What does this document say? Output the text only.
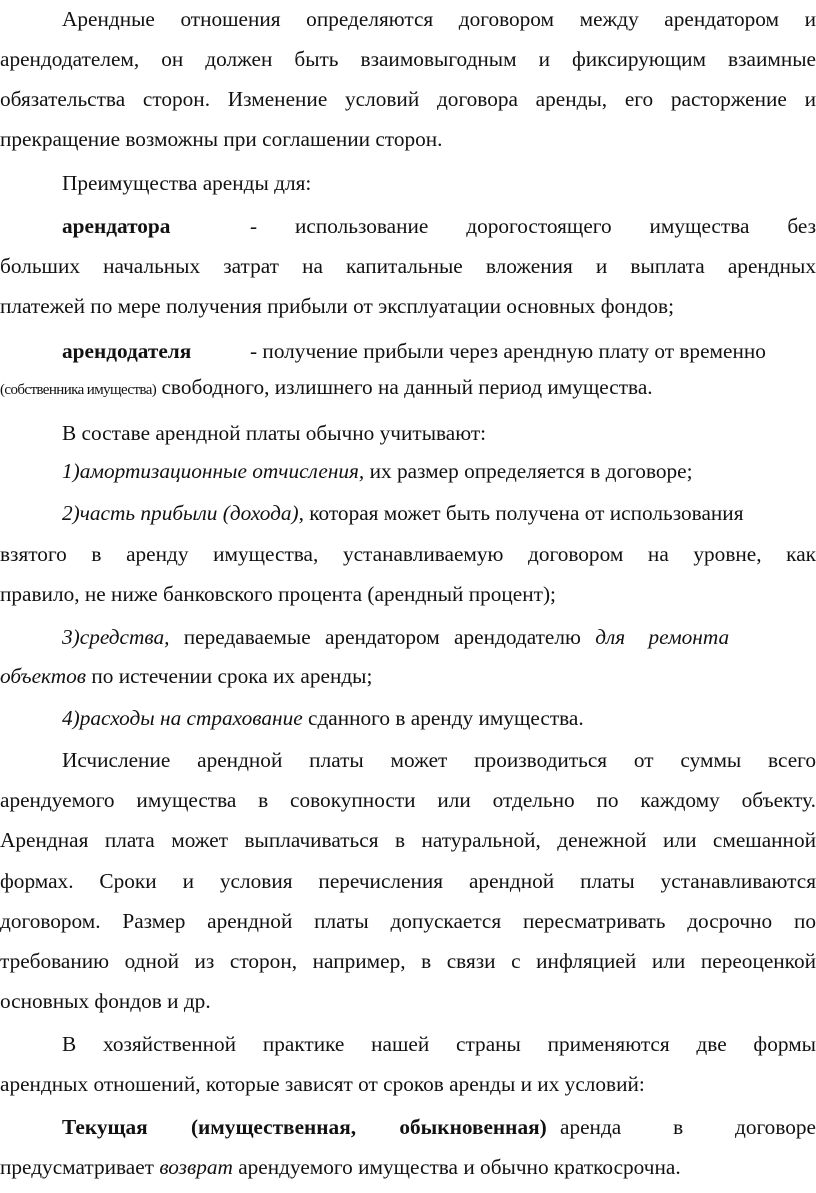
Арендные отношения определяются договором между арендатором и
арендодателем, он должен быть взаимовыгодным и фиксирующим взаимные
обязательства сторон. Изменение условий договора аренды, его расторжение и
прекращение возможны при соглашении сторон.
Преимущества аренды для:
арендатора	- использование дорогостоящего имущества без
больших начальных затрат на капитальные вложения и выплата арендных
платежей по мере получения прибыли от эксплуатации основных фондов;
арендодателя	- получение прибыли через арендную плату от временно
(собственника имущества) свободного, излишнего на данный период имущества.
В составе арендной платы обычно учитывают:
1)амортизационные отчисления, их размер определяется в договоре;
2)часть прибыли (дохода), которая может быть получена от использования
взятого в аренду имущества, устанавливаемую договором на уровне, как
правило, не ниже банковского процента (арендный процент);
3)средства, передаваемые арендатором арендодателю для ремонта
объектов по истечении срока их аренды;
4)расходы на страхование сданного в аренду имущества.
Исчисление арендной платы может производиться от суммы всего
арендуемого имущества в совокупности или отдельно по каждому объекту.
Арендная плата может выплачиваться в натуральной, денежной или смешанной
формах. Сроки и условия перечисления арендной платы устанавливаются
договором. Размер арендной платы допускается пересматривать досрочно по
требованию одной из сторон, например, в связи с инфляцией или переоценкой
основных фондов и др.
В хозяйственной практике нашей страны применяются две формы
арендных отношений, которые зависят от сроков аренды и их условий:
Текущая (имущественная, обыкновенная) аренда в договоре
предусматривает возврат арендуемого имущества и обычно краткосрочна.
